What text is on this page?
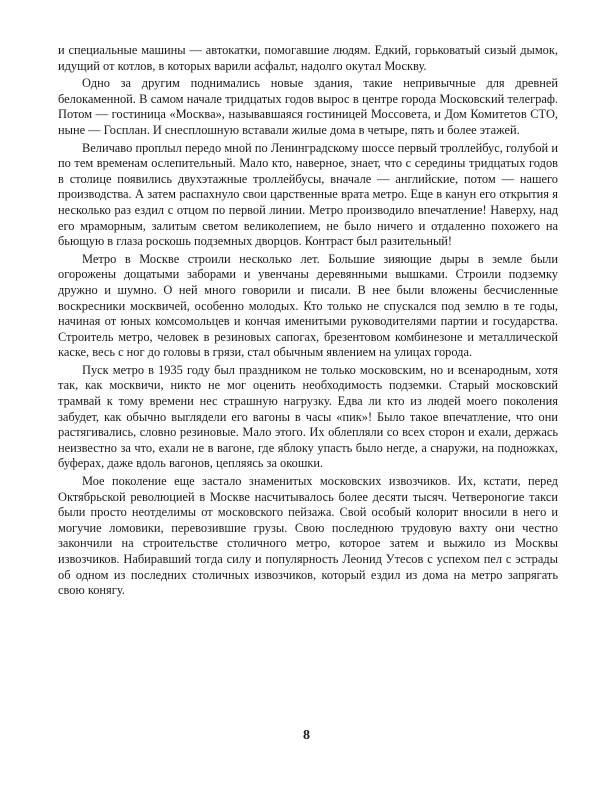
и специальные машины — автокатки, помогавшие людям. Едкий, горьковатый сизый дымок, идущий от котлов, в которых варили асфальт, надолго окутал Москву.

Одно за другим поднимались новые здания, такие непривычные для древней белокаменной. В самом начале тридцатых годов вырос в центре города Московский телеграф. Потом — гостиница «Москва», называвшаяся гостиницей Моссовета, и Дом Комитетов СТО, ныне — Госплан. И снесплошную вставали жилые дома в четыре, пять и более этажей.

Величаво проплыл передо мной по Ленинградскому шоссе первый троллейбус, голубой и по тем временам ослепительный. Мало кто, наверное, знает, что с середины тридцатых годов в столице появились двухэтажные троллейбусы, вначале — английские, потом — нашего производства. А затем распахнуло свои царственные врата метро. Еще в канун его открытия я несколько раз ездил с отцом по первой линии. Метро производило впечатление! Наверху, над его мраморным, залитым светом великолепием, не было ничего и отдаленно похожего на бьющую в глаза роскошь подземных дворцов. Контраст был разительный!

Метро в Москве строили несколько лет. Большие зияющие дыры в земле были огорожены дощатыми заборами и увенчаны деревянными вышками. Строили подземку дружно и шумно. О ней много говорили и писали. В нее были вложены бесчисленные воскресники москвичей, особенно молодых. Кто только не спускался под землю в те годы, начиная от юных комсомольцев и кончая именитыми руководителями партии и государства. Строитель метро, человек в резиновых сапогах, брезентовом комбинезоне и металлической каске, весь с ног до головы в грязи, стал обычным явлением на улицах города.

Пуск метро в 1935 году был праздником не только московским, но и всенародным, хотя так, как москвичи, никто не мог оценить необходимость подземки. Старый московский трамвай к тому времени нес страшную нагрузку. Едва ли кто из людей моего поколения забудет, как обычно выглядели его вагоны в часы «пик»! Было такое впечатление, что они растягивались, словно резиновые. Мало этого. Их облепляли со всех сторон и ехали, держась неизвестно за что, ехали не в вагоне, где яблоку упасть было негде, а снаружи, на подножках, буферах, даже вдоль вагонов, цепляясь за окошки.

Мое поколение еще застало знаменитых московских извозчиков. Их, кстати, перед Октябрьской революцией в Москве насчитывалось более десяти тысяч. Четвероногие такси были просто неотделимы от московского пейзажа. Свой особый колорит вносили в него и могучие ломовики, перевозившие грузы. Свою последнюю трудовую вахту они честно закончили на строительстве столичного метро, которое затем и выжило из Москвы извозчиков. Набиравший тогда силу и популярность Леонид Утесов с успехом пел с эстрады об одном из последних столичных извозчиков, который ездил из дома на метро запрягать свою конягу.

8
